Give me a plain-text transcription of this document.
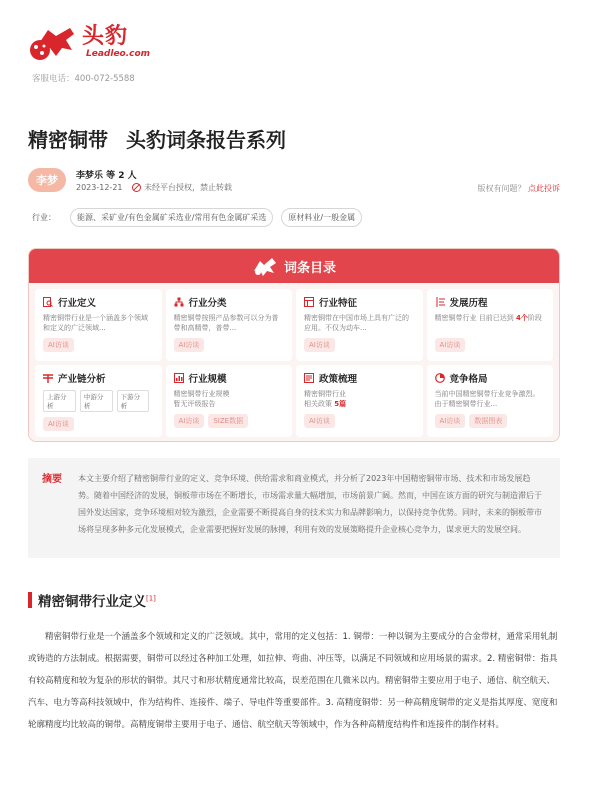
头豹
Leadleo.com
客服电话：400-072-5588
精密铜带 头豹词条报告系列
李梦	李梦乐 等 2 人
2023-12-21	未经平台授权，禁止转载	版权有问题？ 点此投诉
行业：	能源、采矿业/有色金属矿采选业/常用有色金属矿采选	原材料业/一般金属
词条目录
行业定义
精密铜带行业是一个涵盖多个领域和定义的广泛领域...
AI访谈
行业分类
精密铜带按照产品参数可以分为普带和高精带，普带...
AI访谈
行业特征
精密铜带在中国市场上具有广泛的应用。不仅为动车...
AI访谈
发展历程
精密铜带行业 目前已达到 4个阶段
AI访谈
产业链分析
上游分析
中游分析
下游分析
AI访谈
行业规模
精密铜带行业规模
暂无评级报告
AI访谈	SIZE数据
政策梳理
精密铜带行业
相关政策 5篇
AI访谈
竞争格局
当前中国精密铜带行业竞争激烈。由于精密铜带行业...
AI访谈	数据图表
摘要	本文主要介绍了精密铜带行业的定义、竞争环境、供给需求和商业模式，并分析了2023年中国精密铜带市场、技术和市场发展趋势。随着中国经济的发展，铜板带市场在不断增长，市场需求量大幅增加，市场前景广阔。然而，中国在该方面的研究与制造滞后于国外发达国家，竞争环境相对较为激烈，企业需要不断提高自身的技术实力和品牌影响力，以保持竞争优势。同时，未来的铜板带市场将呈现多种多元化发展模式，企业需要把握好发展的脉搏，利用有效的发展策略提升企业核心竞争力，谋求更大的发展空间。
精密铜带行业定义[1]
精密铜带行业是一个涵盖多个领域和定义的广泛领域。其中，常用的定义包括：1. 铜带：一种以铜为主要成分的合金带材，通常采用轧制或铸造的方法制成。根据需要，铜带可以经过各种加工处理，如拉伸、弯曲、冲压等，以满足不同领域和应用场景的需求。2. 精密铜带：指具有较高精度和较为复杂的形状的铜带。其尺寸和形状精度通常比较高，误差范围在几微米以内。精密铜带主要应用于电子、通信、航空航天、汽车、电力等高科技领域中，作为结构件、连接件、端子、导电件等重要部件。3. 高精度铜带：另一种高精度铜带的定义是指其厚度、宽度和轮廓精度均比较高的铜带。高精度铜带主要用于电子、通信、航空航天等领域中，作为各种高精度结构件和连接件的制作材料。
